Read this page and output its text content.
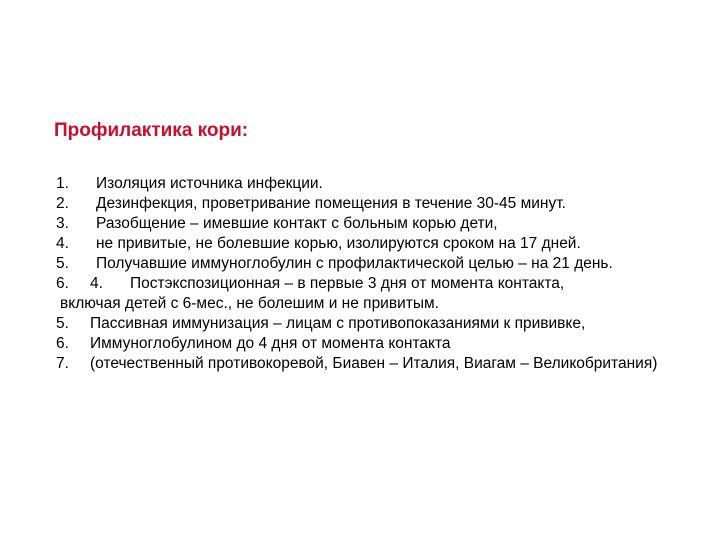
Профилактика кори:
1. Изоляция источника инфекции.
2. Дезинфекция, проветривание помещения в течение 30-45 минут.
3. Разобщение – имевшие контакт с больным корью дети,
4. не привитые, не болевшие корью, изолируются сроком на 17 дней.
5. Получавшие иммуноглобулин с профилактической целью – на 21 день.
6. 4. Постэкспозиционная – в первые 3 дня от момента контакта,
включая детей с 6-мес., не болешим и не привитым.
5. Пассивная иммунизация – лицам с противопоказаниями к прививке,
6. Иммуноглобулином до 4 дня от момента контакта
7. (отечественный противокоревой, Биавен – Италия, Виагам – Великобритания)
